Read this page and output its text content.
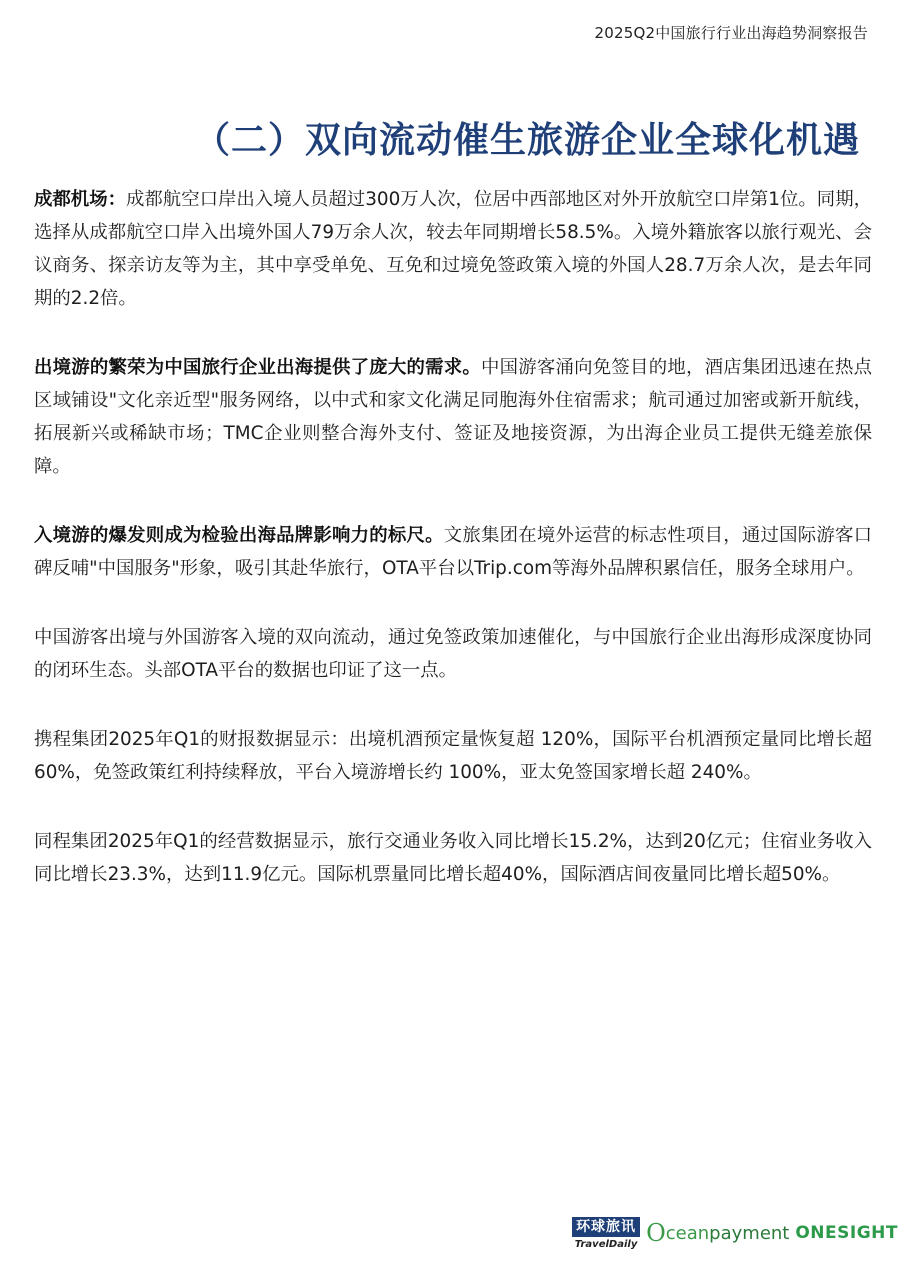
2025Q2中国旅行行业出海趋势洞察报告
（二）双向流动催生旅游企业全球化机遇

成都机场：成都航空口岸出入境人员超过300万人次，位居中西部地区对外开放航空口岸第1位。同期，选择从成都航空口岸入出境外国人79万余人次，较去年同期增长58.5%。入境外籍旅客以旅行观光、会议商务、探亲访友等为主，其中享受单免、互免和过境免签政策入境的外国人28.7万余人次，是去年同期的2.2倍。

出境游的繁荣为中国旅行企业出海提供了庞大的需求。中国游客涌向免签目的地，酒店集团迅速在热点区域铺设"文化亲近型"服务网络，以中式和家文化满足同胞海外住宿需求；航司通过加密或新开航线，拓展新兴或稀缺市场；TMC企业则整合海外支付、签证及地接资源，为出海企业员工提供无缝差旅保障。

入境游的爆发则成为检验出海品牌影响力的标尺。文旅集团在境外运营的标志性项目，通过国际游客口碑反哺"中国服务"形象，吸引其赴华旅行，OTA平台以Trip.com等海外品牌积累信任，服务全球用户。

中国游客出境与外国游客入境的双向流动，通过免签政策加速催化，与中国旅行企业出海形成深度协同的闭环生态。头部OTA平台的数据也印证了这一点。

携程集团2025年Q1的财报数据显示：出境机酒预定量恢复超 120%，国际平台机酒预定量同比增长超 60%，免签政策红利持续释放，平台入境游增长约 100%，亚太免签国家增长超 240%。

同程集团2025年Q1的经营数据显示，旅行交通业务收入同比增长15.2%，达到20亿元；住宿业务收入同比增长23.3%，达到11.9亿元。国际机票量同比增长超40%，国际酒店间夜量同比增长超50%。

环球旅讯
TravelDaily O cean payment ONESIGHT
